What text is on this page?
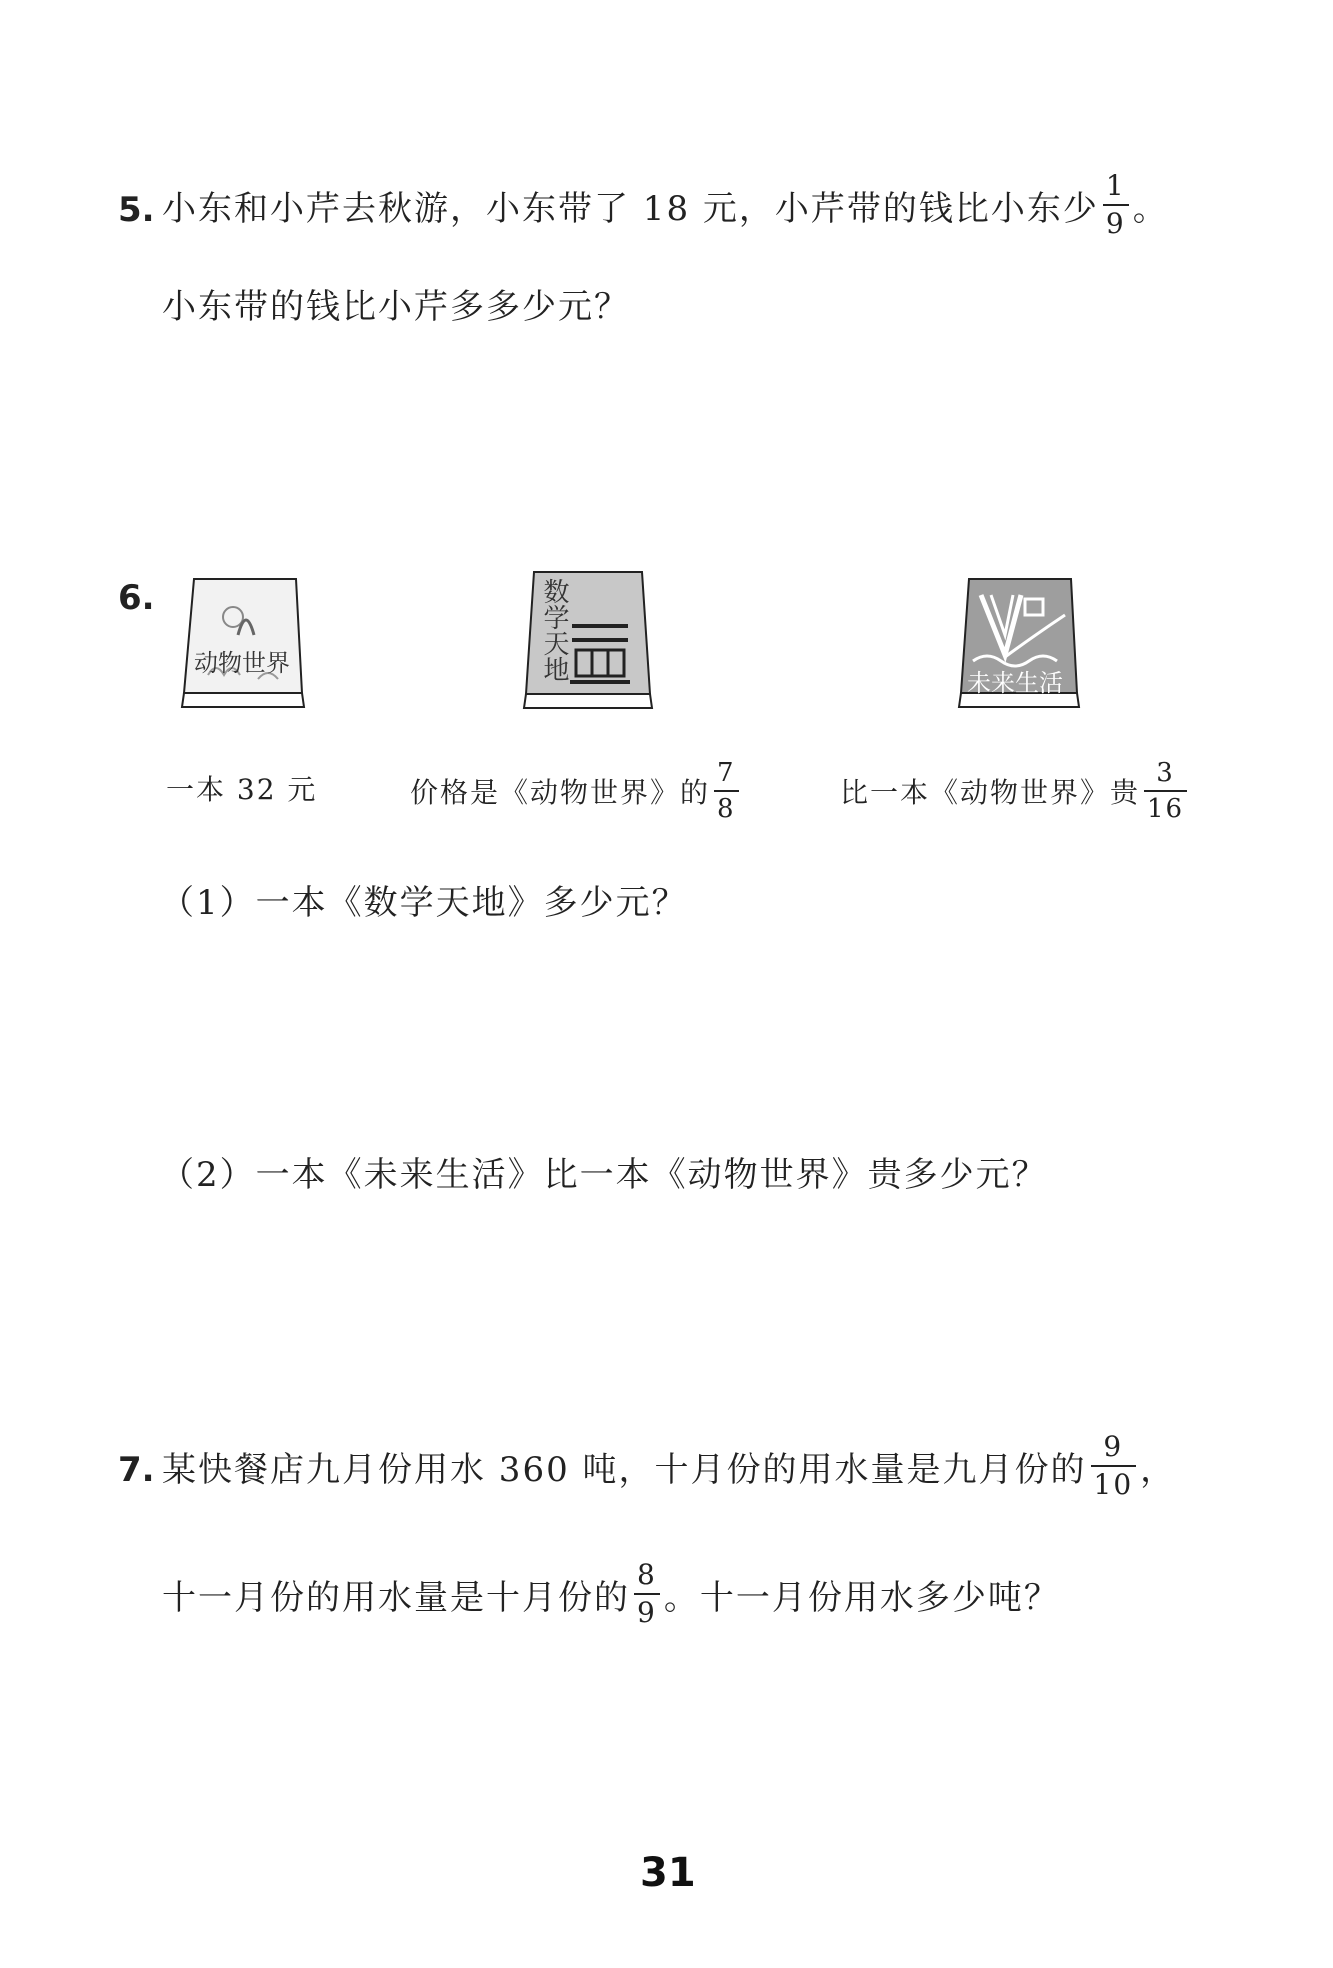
5. 小东和小芹去秋游，小东带了 18 元，小芹带的钱比小东少 $\frac{1}{9}$ 。
小东带的钱比小芹多多少元？
6.
动物世界	数学天地
未来生活
一本 32 元	价格是《动物世界》的 $\frac{7}{8}$	比一本《动物世界》贵 $\frac{3}{16}$
（1）一本《数学天地》多少元？
（2）一本《未来生活》比一本《动物世界》贵多少元？
7. 某快餐店九月份用水 360 吨，十月份的用水量是九月份的 $\frac{9}{10}$ ，
十一月份的用水量是十月份的 $\frac{8}{9}$ 。十一月份用水多少吨？
31
